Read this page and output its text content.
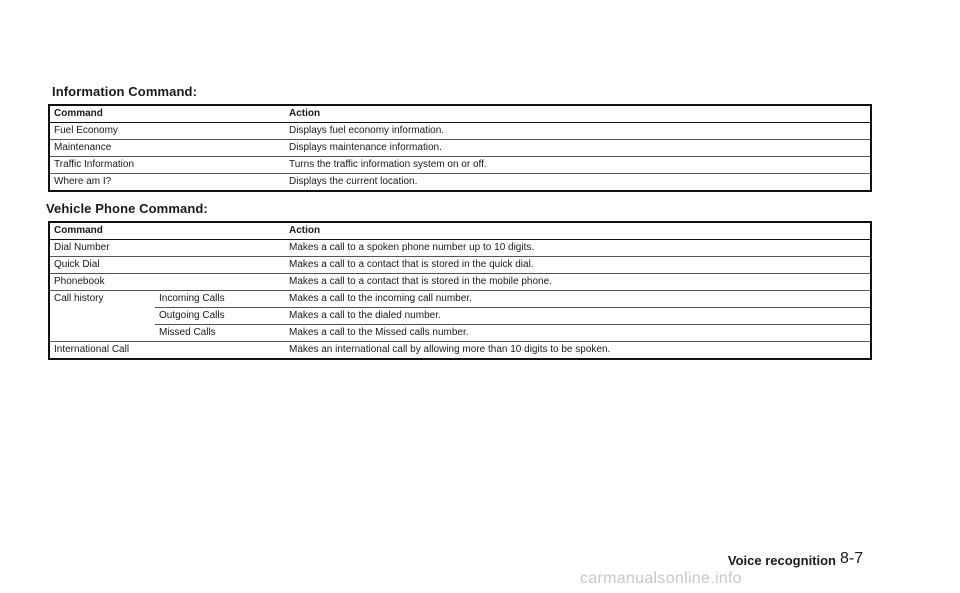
Information Command:
Command	Action
Fuel Economy	Displays fuel economy information.
Maintenance	Displays maintenance information.
Traffic Information	Turns the traffic information system on or off.
Where am I?	Displays the current location.
Vehicle Phone Command:
Command		Action
Dial Number		Makes a call to a spoken phone number up to 10 digits.
Quick Dial		Makes a call to a contact that is stored in the quick dial.
Phonebook		Makes a call to a contact that is stored in the mobile phone.
Call history	Incoming Calls	Makes a call to the incoming call number.
	Outgoing Calls	Makes a call to the dialed number.
	Missed Calls	Makes a call to the Missed calls number.
International Call		Makes an international call by allowing more than 10 digits to be spoken.
Voice recognition 8-7
carmanualsonline.info
